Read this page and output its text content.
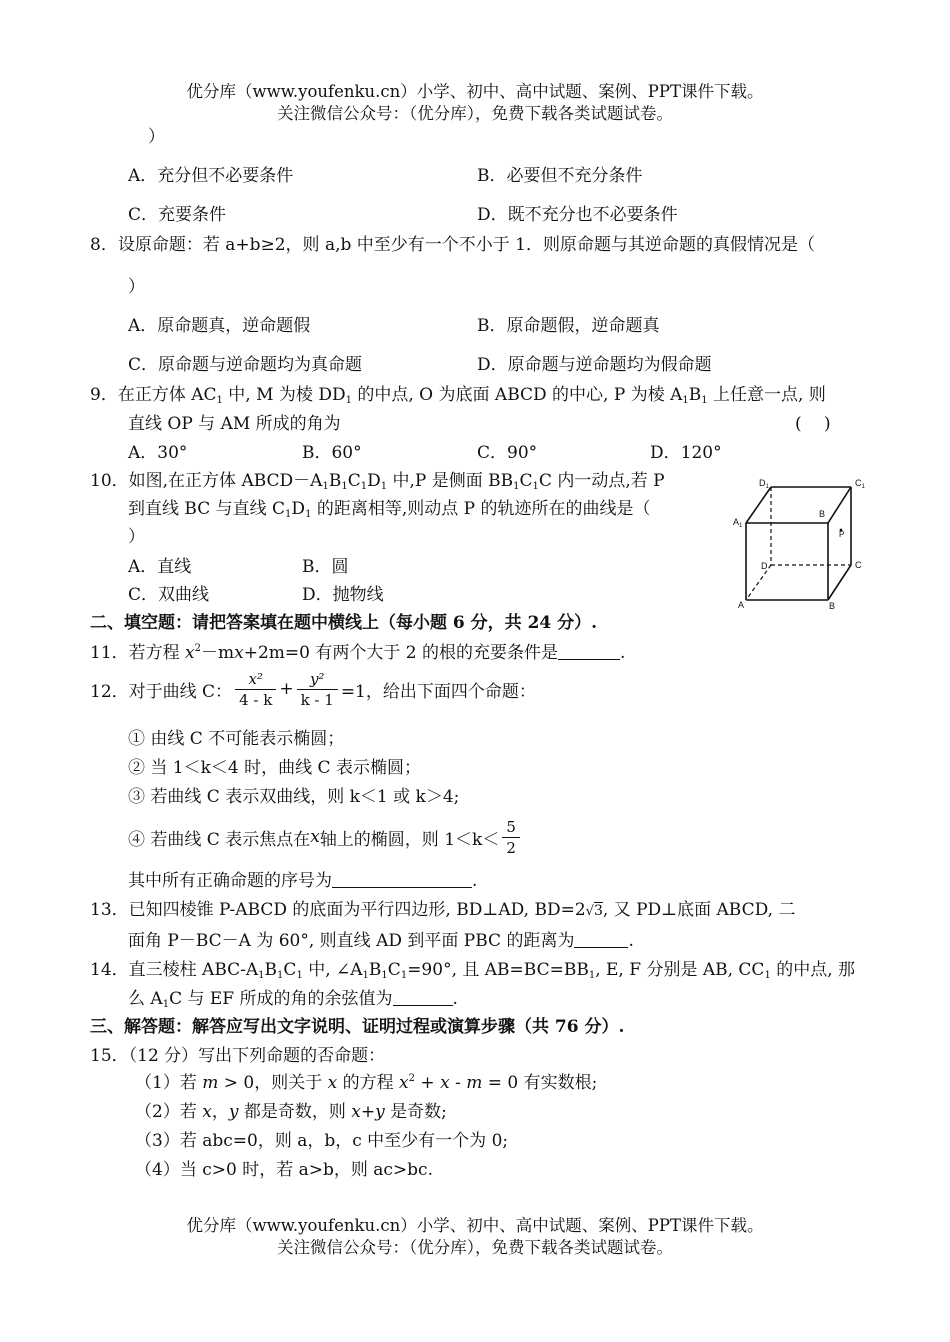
优分库（www.youfenku.cn）小学、初中、高中试题、案例、PPT课件下载。
关注微信公众号：（优分库），免费下载各类试题试卷。
）
A．充分但不必要条件	B．必要但不充分条件
C．充要条件	D．既不充分也不必要条件
8．设原命题：若 a+b≥2，则 a,b 中至少有一个不小于 1．则原命题与其逆命题的真假情况是（
）
A．原命题真，逆命题假	B．原命题假，逆命题真
C．原命题与逆命题均为真命题	D．原命题与逆命题均为假命题
9．在正方体 $AC_1$ 中, M 为棱 $DD_1$ 的中点, O 为底面 ABCD 的中心, P 为棱 $A_1B_1$ 上任意一点, 则
直线 OP 与 AM 所成的角为	(　 )
A．30°	B．60°	C．90°	D．120°
10．如图,在正方体 $ABCD-A_1B_1C_1D_1$ 中,P 是侧面 $BB_1C_1C$ 内一动点,若 P
到直线 BC 与直线 $C_1D_1$ 的距离相等,则动点 P 的轨迹所在的曲线是（
）
A．直线	B．圆
C．双曲线	D．抛物线
$D_1$	$C_1$
$A_1$
B
P
D	C
A	B
二、填空题：请把答案填在题中横线上（每小题 6 分，共 24 分）.
11．若方程 $x^2-mx+2m=0$ 有两个大于 2 的根的充要条件是	.
12． 对于曲线 C： $\frac{\text{x²}}{4 - k} + \frac{\text{y²}}{k - 1} =1$，给出下面四个命题：
① 由线 C 不可能表示椭圆；
② 当 1＜k＜4 时，曲线 C 表示椭圆；
③ 若曲线 C 表示双曲线，则 k＜1 或 k＞4;
④ 若曲线 C 表示焦点在 x 轴上的椭圆，则 $1<k< \frac{5}{2}$
其中所有正确命题的序号为	.
13．已知四棱锥 P-ABCD 的底面为平行四边形, BD⊥AD, BD=2√3, 又 PD⊥底面 ABCD, 二
面角 P－BC－A 为 60°, 则直线 AD 到平面 PBC 的距离为	.
14．直三棱柱 ABC-$A_1B_1C_1$ 中, $\angle A_1B_1C_1=90^\circ$, 且 $AB=BC=BB_1$, E, F 分别是 AB, $CC_1$ 的中点, 那
么 $A_1C$ 与 EF 所成的角的余弦值为	.
三、解答题：解答应写出文字说明、证明过程或演算步骤（共 76 分）.
15．（12 分）写出下列命题的否命题：
（1）若 m > 0，则关于 x 的方程 $x^2 + x - m = 0$ 有实数根;
（2）若 x，y 都是奇数，则 x+y 是奇数;
（3）若 abc=0，则 a，b，c 中至少有一个为 0;
（4）当 c>0 时，若 a>b，则 ac>bc.
优分库（www.youfenku.cn）小学、初中、高中试题、案例、PPT课件下载。
关注微信公众号：（优分库），免费下载各类试题试卷。
